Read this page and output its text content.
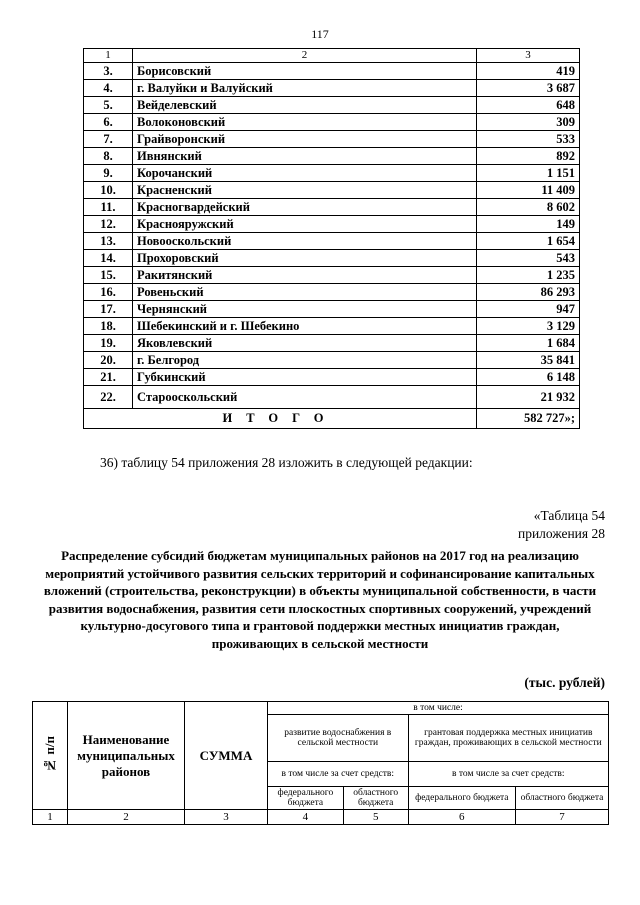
117
1	2	3
3.	Борисовский	419
4.	г. Валуйки и Валуйский	3 687
5.	Вейделевский	648
6.	Волоконовский	309
7.	Грайворонский	533
8.	Ивнянский	892
9.	Корочанский	1 151
10.	Красненский	11 409
11.	Красногвардейский	8 602
12.	Краснояружский	149
13.	Новооскольский	1 654
14.	Прохоровский	543
15.	Ракитянский	1 235
16.	Ровеньский	86 293
17.	Чернянский	947
18.	Шебекинский и г. Шебекино	3 129
19.	Яковлевский	1 684
20.	г. Белгород	35 841
21.	Губкинский	6 148
22.	Старооскольский	21 932
ИТОГО		582 727»;
36) таблицу 54 приложения 28 изложить в следующей редакции:
«Таблица 54
приложения 28
Распределение субсидий бюджетам муниципальных районов на 2017 год на реализацию мероприятий устойчивого развития сельских территорий и софинансирование капитальных вложений (строительства, реконструкции) в объекты муниципальной собственности, в части развития водоснабжения, развития сети плоскостных спортивных сооружений, учреждений культурно-досугового типа и грантовой поддержки местных инициатив граждан, проживающих в сельской местности
(тыс. рублей)
№ п/п	Наименование муниципальных районов	СУММА	в том числе:			
			развитие водоснабжения в сельской местности		грантовая поддержка местных инициатив граждан, проживающих в сельской местности	
			в том числе за счет средств:		в том числе за счет средств:	
			федерального бюджета	областного бюджета	федерального бюджета	областного бюджета
1	2	3	4	5	6	7
